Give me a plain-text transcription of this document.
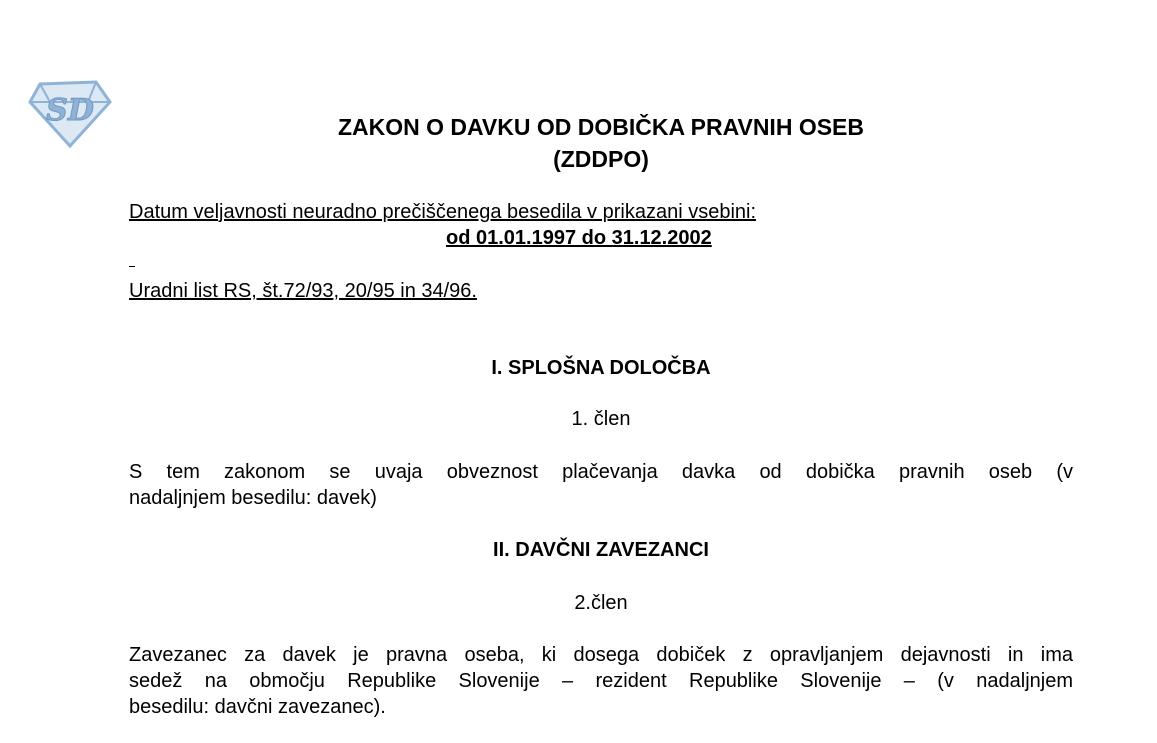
SD	ZAKON O DAVKU OD DOBIČKA PRAVNIH OSEB
(ZDDPO)
Datum veljavnosti neuradno prečiščenega besedila v prikazani vsebini:
od 01.01.1997 do 31.12.2002
Uradni list RS, št.72/93, 20/95 in 34/96.
I. SPLOŠNA DOLOČBA
1. člen
S tem zakonom se uvaja obveznost plačevanja davka od dobička pravnih oseb (v
nadaljnjem besedilu: davek)
II. DAVČNI ZAVEZANCI
2.člen
Zavezanec za davek je pravna oseba, ki dosega dobiček z opravljanjem dejavnosti in ima
sedež na območju Republike Slovenije – rezident Republike Slovenije – (v nadaljnjem
besedilu: davčni zavezanec).
